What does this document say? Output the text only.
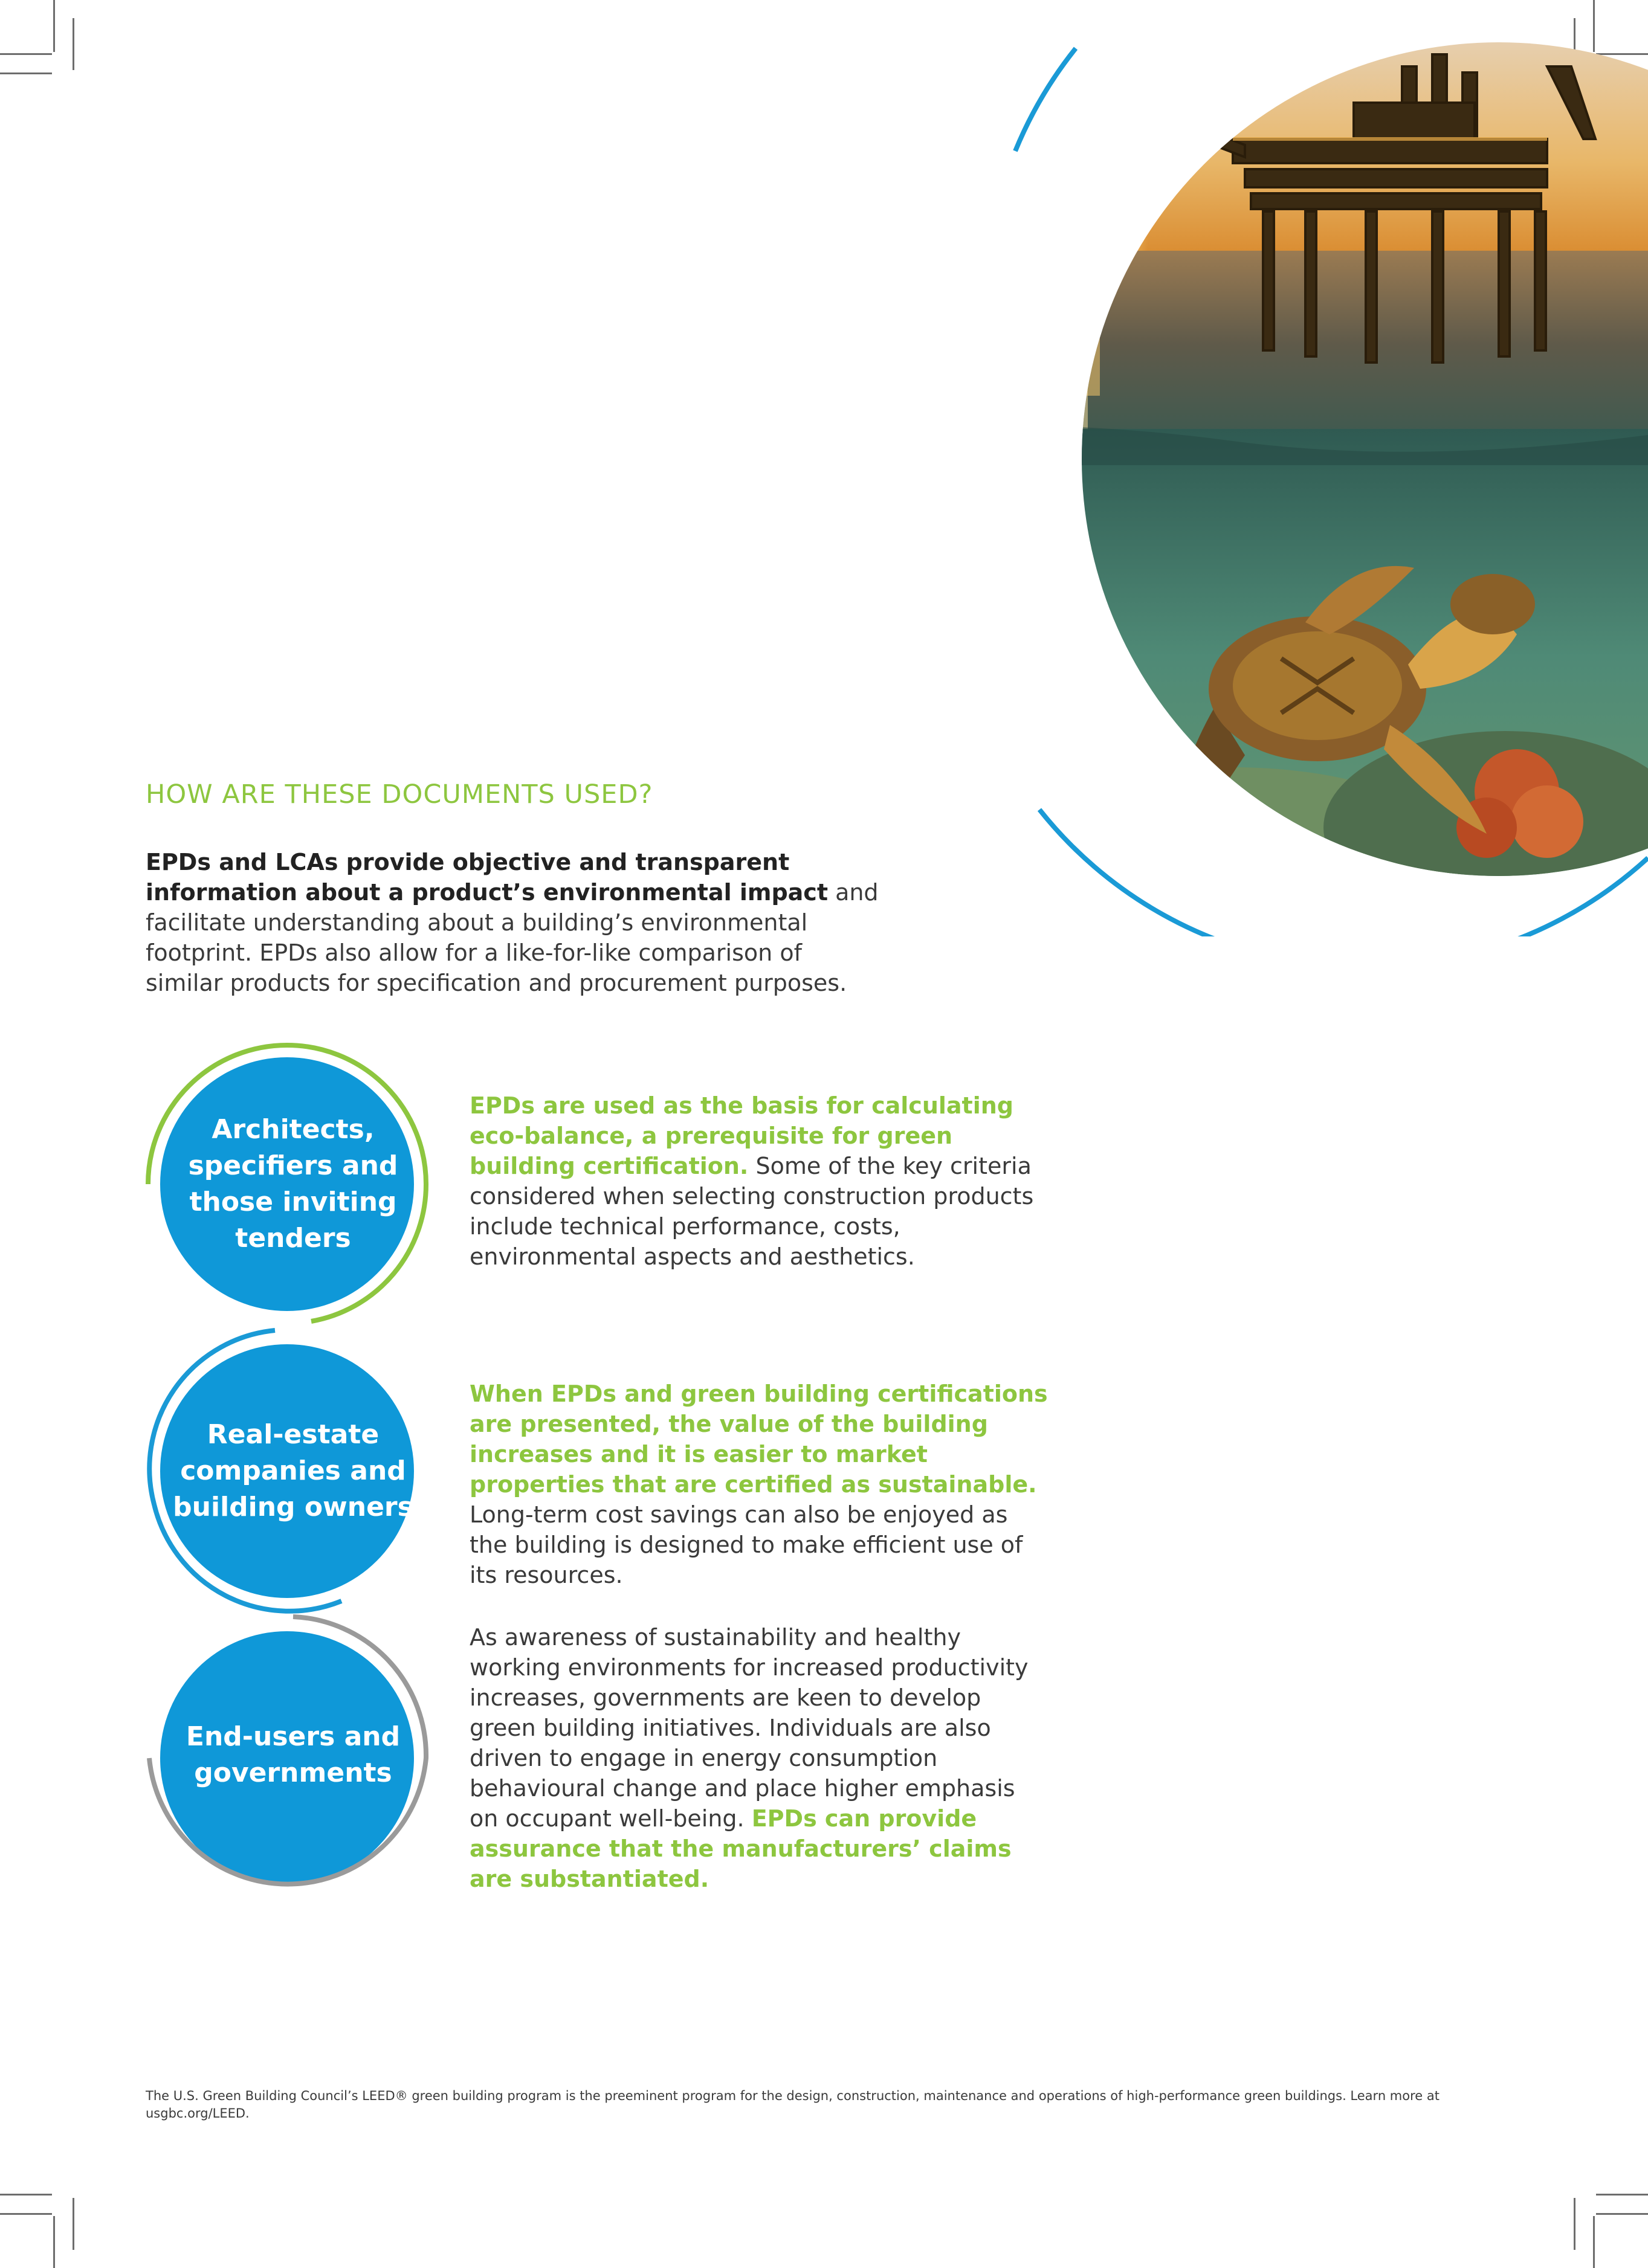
HOW ARE THESE DOCUMENTS USED?

EPDs and LCAs provide objective and transparent information about a product’s environmental impact and facilitate understanding about a building’s environmental footprint. EPDs also allow for a like-for-like comparison of similar products for specification and procurement purposes.

Architects, specifiers and those inviting tenders

EPDs are used as the basis for calculating eco-balance, a prerequisite for green building certification. Some of the key criteria considered when selecting construction products include technical performance, costs, environmental aspects and aesthetics.

Real-estate companies and building owners

When EPDs and green building certifications are presented, the value of the building increases and it is easier to market properties that are certified as sustainable. Long-term cost savings can also be enjoyed as the building is designed to make efficient use of its resources.

End-users and governments

As awareness of sustainability and healthy working environments for increased productivity increases, governments are keen to develop green building initiatives. Individuals are also driven to engage in energy consumption behavioural change and place higher emphasis on occupant well-being. EPDs can provide assurance that the manufacturers’ claims are substantiated.

The U.S. Green Building Council’s LEED® green building program is the preeminent program for the design, construction, maintenance and operations of high-performance green buildings. Learn more at usgbc.org/LEED.
